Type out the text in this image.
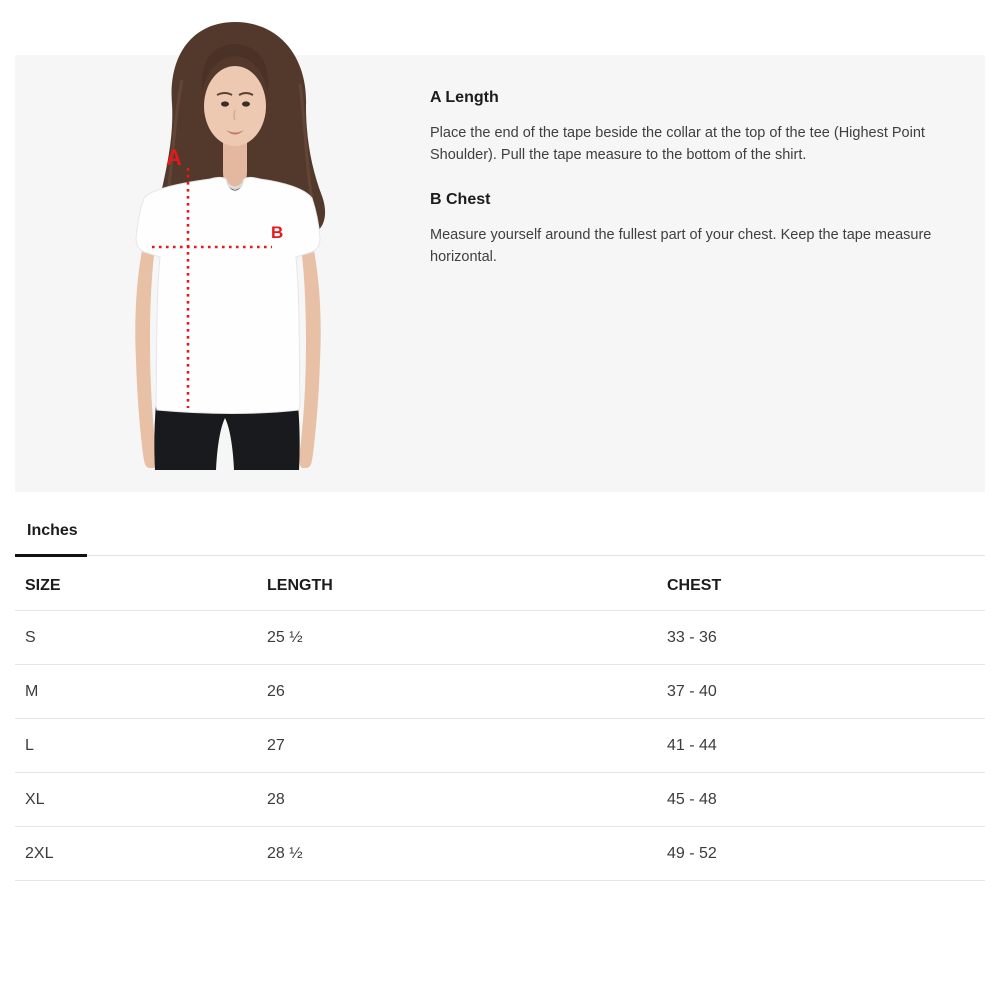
A
B
A Length

Place the end of the tape beside the collar at the top of the tee (Highest Point Shoulder). Pull the tape measure to the bottom of the shirt.

B Chest

Measure yourself around the fullest part of your chest. Keep the tape measure horizontal.

Inches
SIZE	LENGTH	CHEST
S	25 ½	33 - 36
M	26	37 - 40
L	27	41 - 44
XL	28	45 - 48
2XL	28 ½	49 - 52
